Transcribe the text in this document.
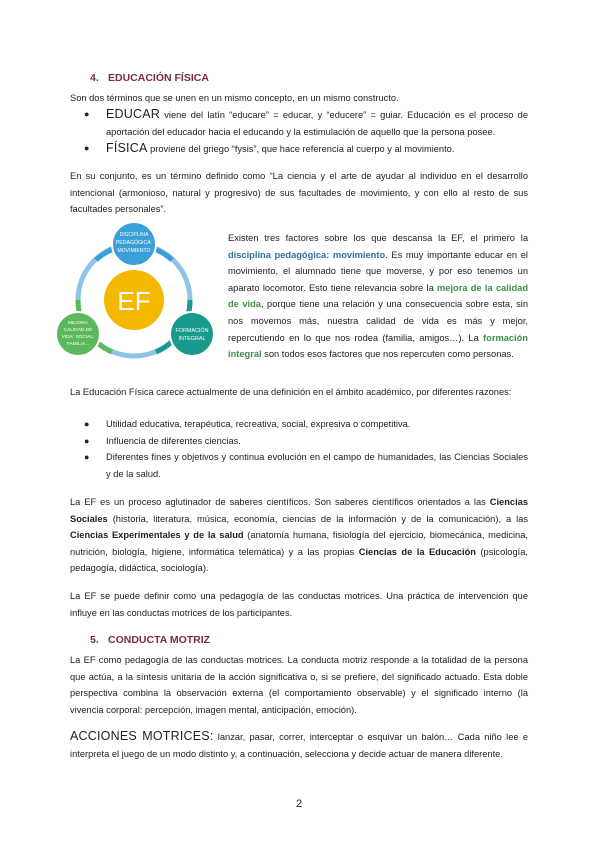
4. EDUCACIÓN FÍSICA
Son dos términos que se unen en un mismo concepto, en un mismo constructo.
● EDUCAR viene del latín “educare” = educar, y “educere” = guiar. Educación es el proceso de aportación del educador hacia el educando y la estimulación de aquello que la persona posee.
● FÍSICA proviene del griego “fysis”, que hace referencia al cuerpo y al movimiento.
En su conjunto, es un término definido como “La ciencia y el arte de ayudar al individuo en el desarrollo intencional (armonioso, natural y progresivo) de sus facultades de movimiento, y con ello al resto de sus facultades personales”.
EF
DISCIPLINA
PEDAGÓGICA:
MOVIMIENTO
FORMACIÓN
INTEGRAL
MEJORA
CALIDAD DE
VIDA: SOCIAL,
FAMILIA...
Existen tres factores sobre los que descansa la EF, el primero la disciplina pedagógica: movimiento. Es muy importante educar en el movimiento, el alumnado tiene que moverse, y por eso tenemos un aparato locomotor. Esto tiene relevancia sobre la mejora de la calidad de vida, porque tiene una relación y una consecuencia sobre esta, sin nos movemos más, nuestra calidad de vida es más y mejor, repercutiendo en lo que nos rodea (familia, amigos…). La formación integral son todos esos factores que nos repercuten como personas.
La Educación Física carece actualmente de una definición en el ámbito académico, por diferentes razones:
● Utilidad educativa, terapéutica, recreativa, social, expresiva o competitiva.
● Influencia de diferentes ciencias.
● Diferentes fines y objetivos y continua evolución en el campo de humanidades, las Ciencias Sociales y de la salud.
La EF es un proceso aglutinador de saberes científicos. Son saberes científicos orientados a las Ciencias Sociales (historia, literatura, música, economía, ciencias de la información y de la comunicación), a las Ciencias Experimentales y de la salud (anatomía humana, fisiología del ejercicio, biomecánica, medicina, nutrición, biología, higiene, informática telemática) y a las propias Ciencias de la Educación (psicología, pedagogía, didáctica, sociología).
La EF se puede definir como una pedagogía de las conductas motrices. Una práctica de intervención que influye en las conductas motrices de los participantes.
5. CONDUCTA MOTRIZ
La EF como pedagogía de las conductas motrices. La conducta motriz responde a la totalidad de la persona que actúa, a la síntesis unitaria de la acción significativa o, si se prefiere, del significado actuado. Esta doble perspectiva combina la observación externa (el comportamiento observable) y el significado interno (la vivencia corporal: percepción, imagen mental, anticipación, emoción).
ACCIONES MOTRICES: lanzar, pasar, correr, interceptar o esquivar un balón… Cada niño lee e interpreta el juego de un modo distinto y, a continuación, selecciona y decide actuar de manera diferente.
2
